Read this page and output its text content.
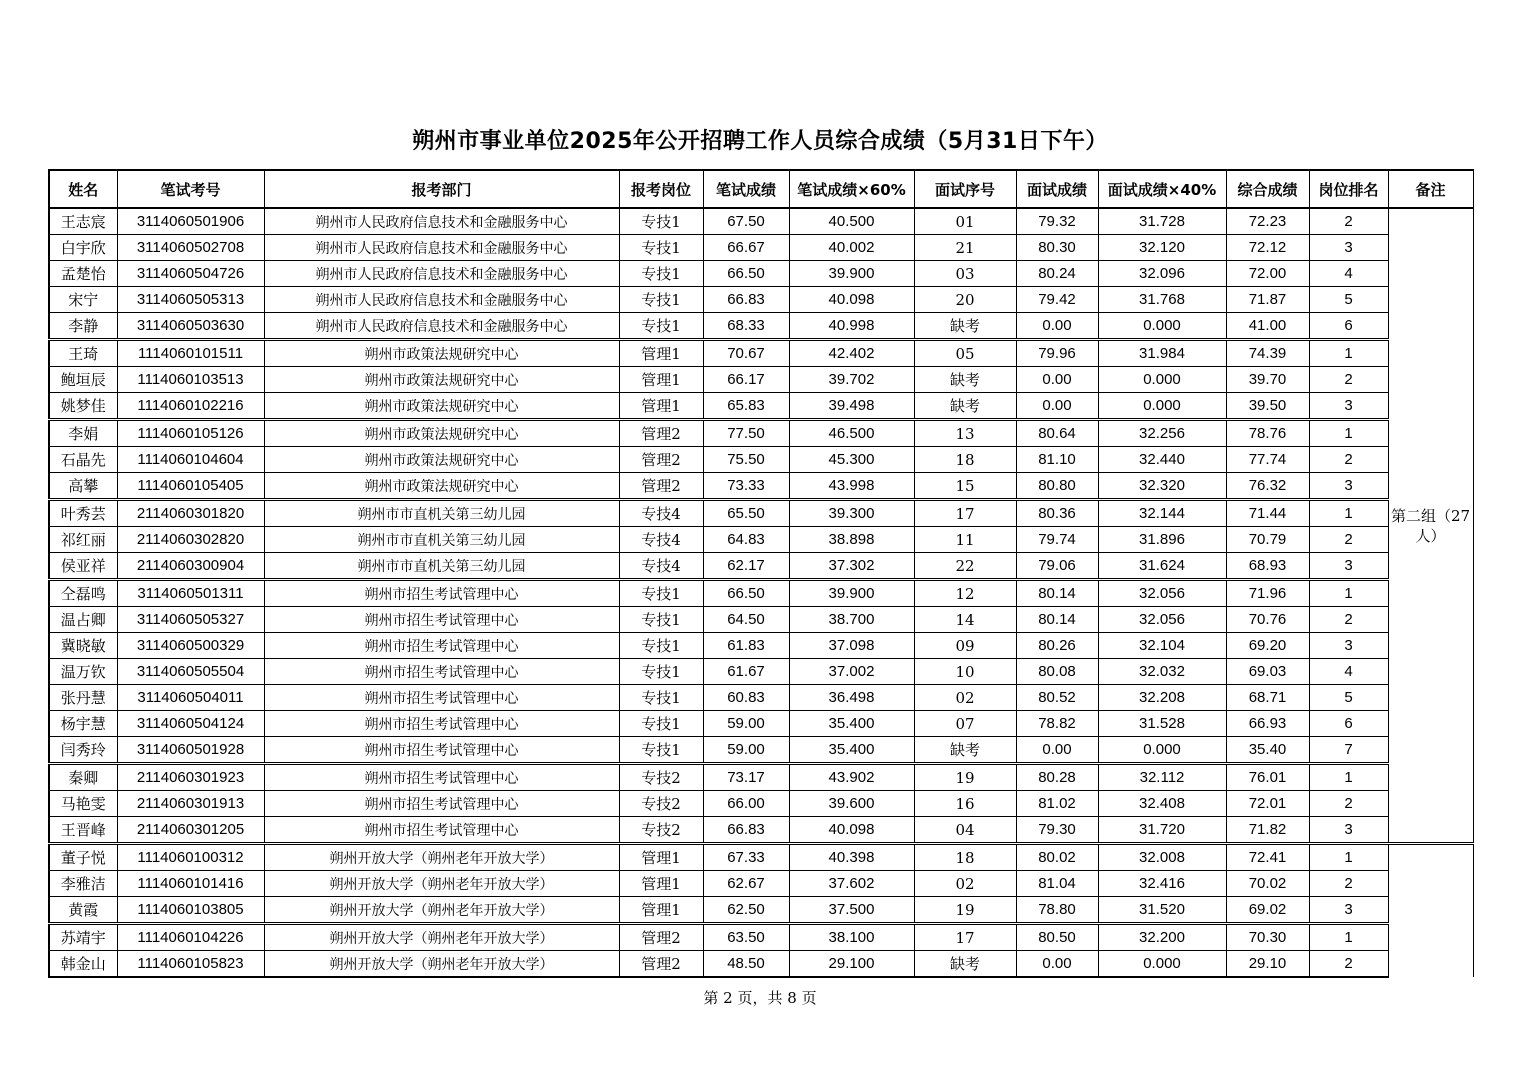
朔州市事业单位2025年公开招聘工作人员综合成绩（5月31日下午）
姓名	笔试考号	报考部门	报考岗位	笔试成绩	笔试成绩×60%	面试序号	面试成绩	面试成绩×40%	综合成绩	岗位排名	备注
王志宸	3114060501906	朔州市人民政府信息技术和金融服务中心	专技1	67.50	40.500	01	79.32	31.728	72.23	2	第二组（27人）
白宇欣	3114060502708	朔州市人民政府信息技术和金融服务中心	专技1	66.67	40.002	21	80.30	32.120	72.12	3	
孟楚怡	3114060504726	朔州市人民政府信息技术和金融服务中心	专技1	66.50	39.900	03	80.24	32.096	72.00	4	
宋宁	3114060505313	朔州市人民政府信息技术和金融服务中心	专技1	66.83	40.098	20	79.42	31.768	71.87	5	
李静	3114060503630	朔州市人民政府信息技术和金融服务中心	专技1	68.33	40.998	缺考	0.00	0.000	41.00	6	
王琦	1114060101511	朔州市政策法规研究中心	管理1	70.67	42.402	05	79.96	31.984	74.39	1	
鲍垣辰	1114060103513	朔州市政策法规研究中心	管理1	66.17	39.702	缺考	0.00	0.000	39.70	2	
姚梦佳	1114060102216	朔州市政策法规研究中心	管理1	65.83	39.498	缺考	0.00	0.000	39.50	3	
李娟	1114060105126	朔州市政策法规研究中心	管理2	77.50	46.500	13	80.64	32.256	78.76	1	
石晶先	1114060104604	朔州市政策法规研究中心	管理2	75.50	45.300	18	81.10	32.440	77.74	2	
高攀	1114060105405	朔州市政策法规研究中心	管理2	73.33	43.998	15	80.80	32.320	76.32	3	
叶秀芸	2114060301820	朔州市市直机关第三幼儿园	专技4	65.50	39.300	17	80.36	32.144	71.44	1	
祁红丽	2114060302820	朔州市市直机关第三幼儿园	专技4	64.83	38.898	11	79.74	31.896	70.79	2	
侯亚祥	2114060300904	朔州市市直机关第三幼儿园	专技4	62.17	37.302	22	79.06	31.624	68.93	3	
仝磊鸣	3114060501311	朔州市招生考试管理中心	专技1	66.50	39.900	12	80.14	32.056	71.96	1	
温占卿	3114060505327	朔州市招生考试管理中心	专技1	64.50	38.700	14	80.14	32.056	70.76	2	
冀晓敏	3114060500329	朔州市招生考试管理中心	专技1	61.83	37.098	09	80.26	32.104	69.20	3	
温万钦	3114060505504	朔州市招生考试管理中心	专技1	61.67	37.002	10	80.08	32.032	69.03	4	
张丹慧	3114060504011	朔州市招生考试管理中心	专技1	60.83	36.498	02	80.52	32.208	68.71	5	
杨宇慧	3114060504124	朔州市招生考试管理中心	专技1	59.00	35.400	07	78.82	31.528	66.93	6	
闫秀玲	3114060501928	朔州市招生考试管理中心	专技1	59.00	35.400	缺考	0.00	0.000	35.40	7	
秦卿	2114060301923	朔州市招生考试管理中心	专技2	73.17	43.902	19	80.28	32.112	76.01	1	
马艳雯	2114060301913	朔州市招生考试管理中心	专技2	66.00	39.600	16	81.02	32.408	72.01	2	
王晋峰	2114060301205	朔州市招生考试管理中心	专技2	66.83	40.098	04	79.30	31.720	71.82	3	
董子悦	1114060100312	朔州开放大学（朔州老年开放大学）	管理1	67.33	40.398	18	80.02	32.008	72.41	1	
李雅洁	1114060101416	朔州开放大学（朔州老年开放大学）	管理1	62.67	37.602	02	81.04	32.416	70.02	2	
黄霞	1114060103805	朔州开放大学（朔州老年开放大学）	管理1	62.50	37.500	19	78.80	31.520	69.02	3	
苏靖宇	1114060104226	朔州开放大学（朔州老年开放大学）	管理2	63.50	38.100	17	80.50	32.200	70.30	1	
韩金山	1114060105823	朔州开放大学（朔州老年开放大学）	管理2	48.50	29.100	缺考	0.00	0.000	29.10	2	
第 2 页，共 8 页
